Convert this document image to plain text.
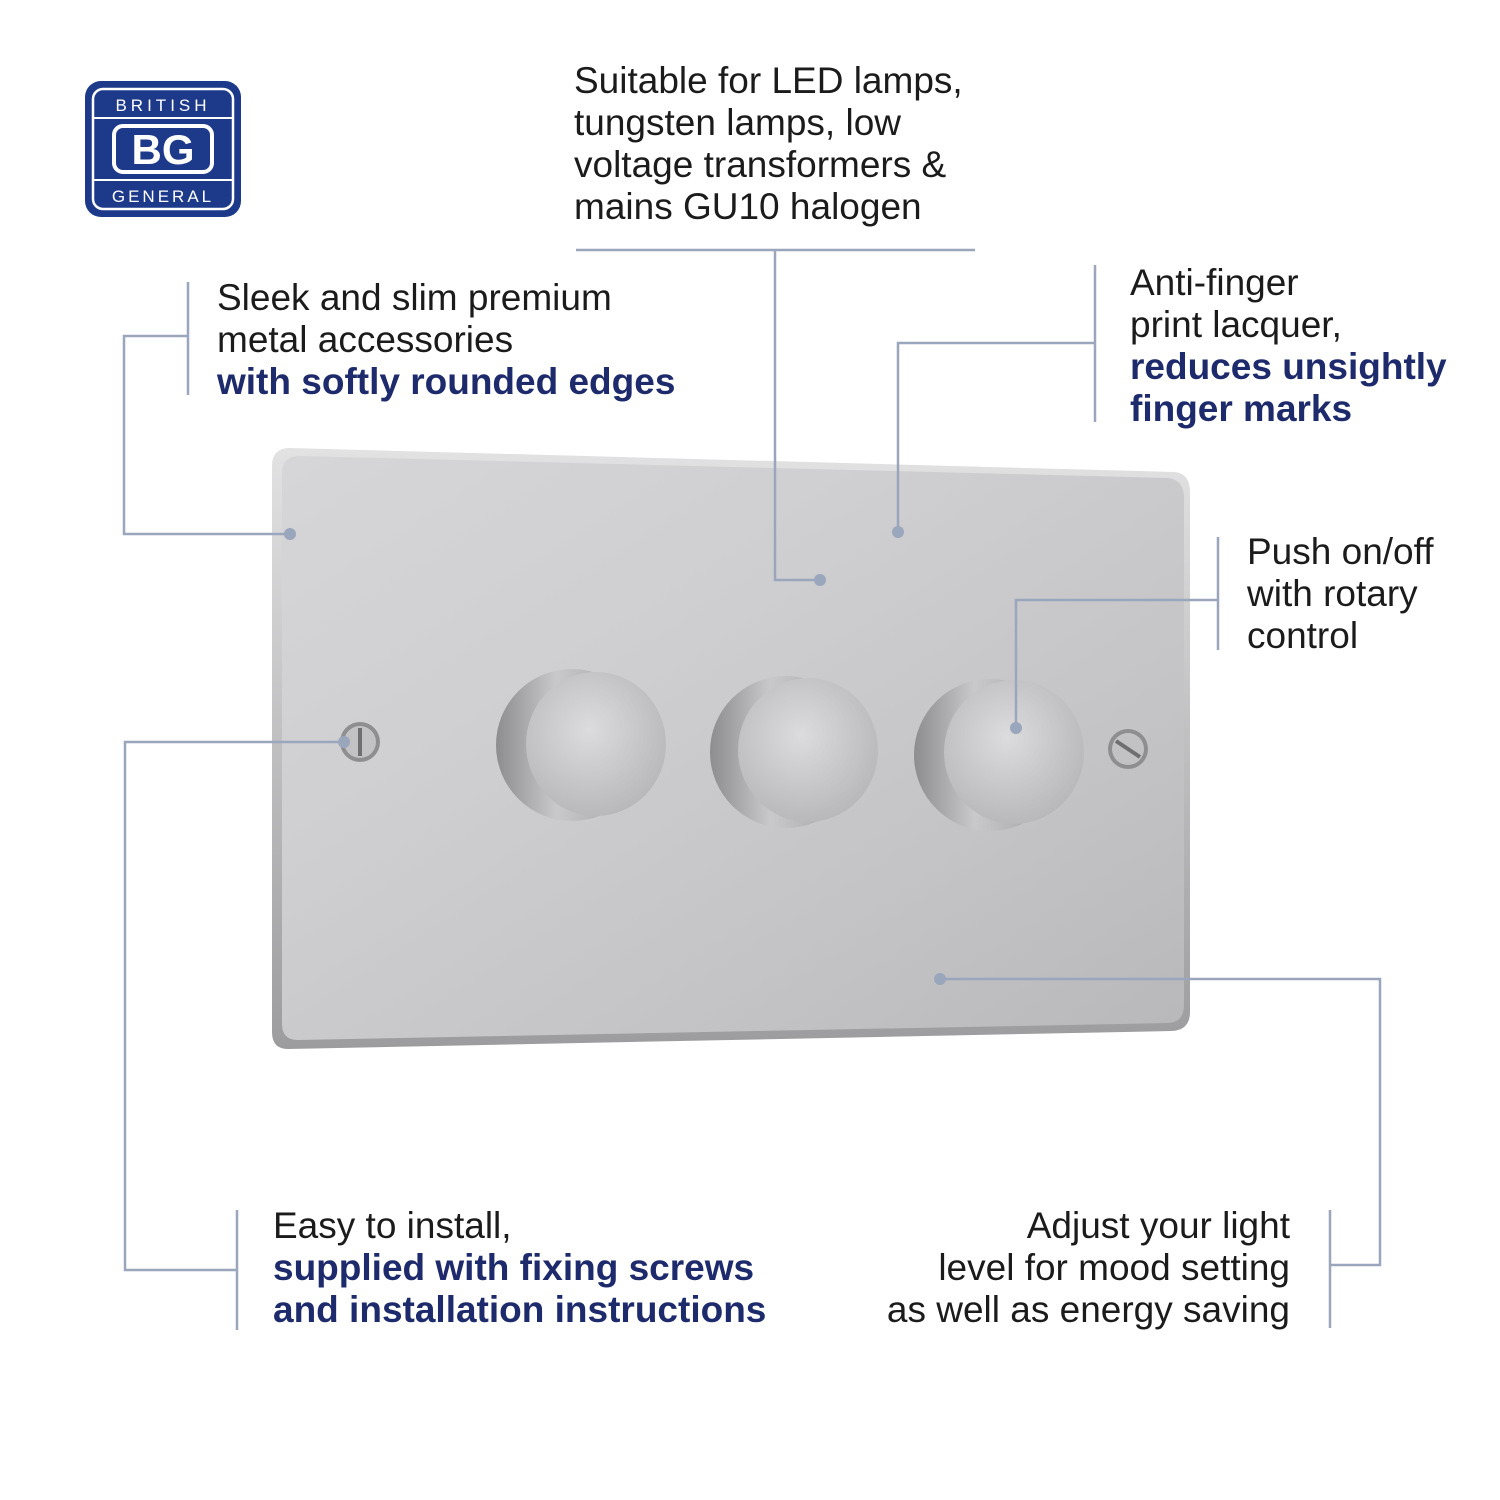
BRITISH
BG
GENERAL
Suitable for LED lamps,
tungsten lamps, low
voltage transformers &
mains GU10 halogen
Sleek and slim premium
metal accessories
with softly rounded edges
Anti-finger
print lacquer,
reduces unsightly
finger marks
Push on/off
with rotary
control
Easy to install,
supplied with fixing screws
and installation instructions
Adjust your light
level for mood setting
as well as energy saving
